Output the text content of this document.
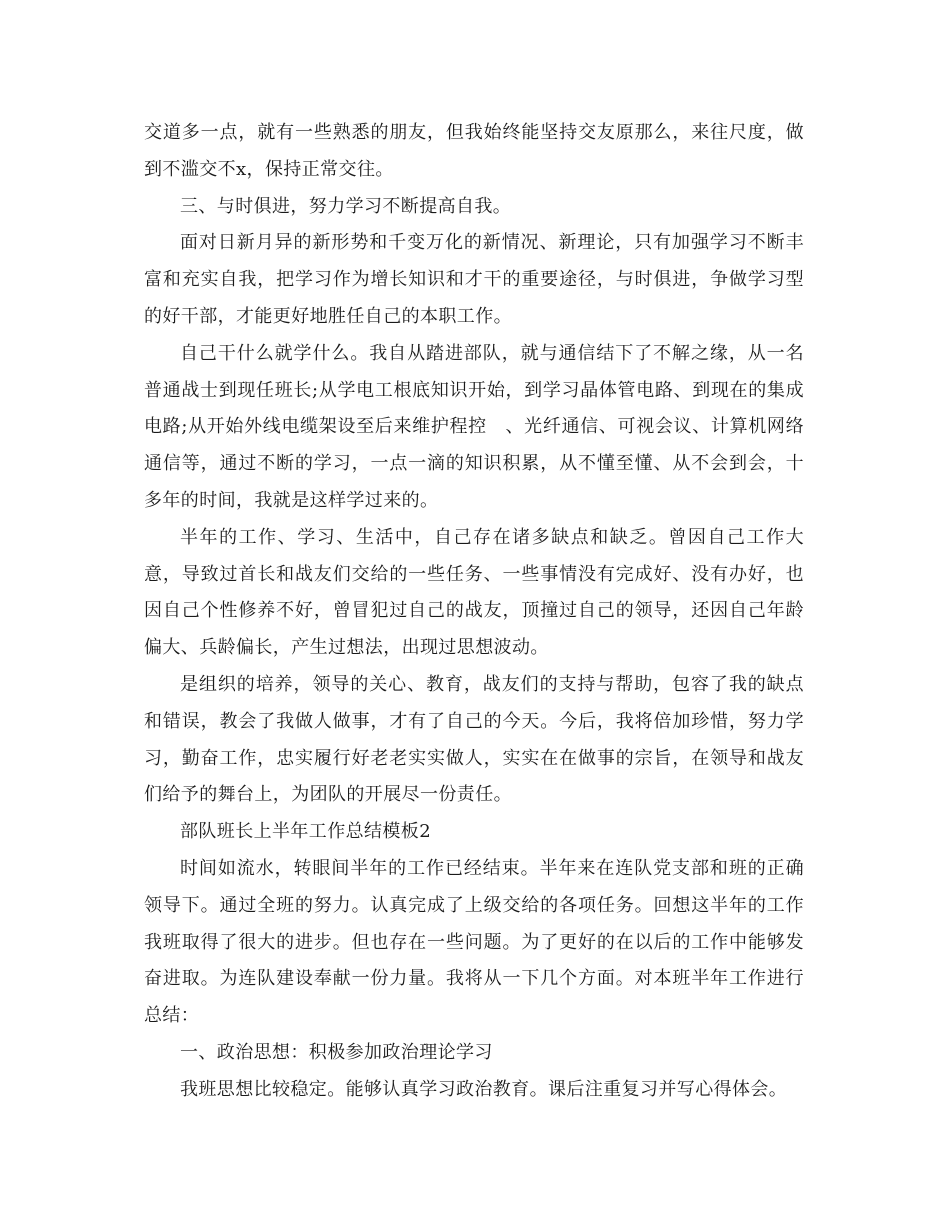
交道多一点，就有一些熟悉的朋友，但我始终能坚持交友原那么，来往尺度，做到不滥交不x，保持正常交往。

三、与时俱进，努力学习不断提高自我。

面对日新月异的新形势和千变万化的新情况、新理论，只有加强学习不断丰富和充实自我，把学习作为增长知识和才干的重要途径，与时俱进，争做学习型的好干部，才能更好地胜任自己的本职工作。

自己干什么就学什么。我自从踏进部队，就与通信结下了不解之缘，从一名普通战士到现任班长;从学电工根底知识开始，到学习晶体管电路、到现在的集成电路;从开始外线电缆架设至后来维护程控　、光纤通信、可视会议、计算机网络通信等，通过不断的学习，一点一滴的知识积累，从不懂至懂、从不会到会，十多年的时间，我就是这样学过来的。

半年的工作、学习、生活中，自己存在诸多缺点和缺乏。曾因自己工作大意，导致过首长和战友们交给的一些任务、一些事情没有完成好、没有办好，也因自己个性修养不好，曾冒犯过自己的战友，顶撞过自己的领导，还因自己年龄偏大、兵龄偏长，产生过想法，出现过思想波动。

是组织的培养，领导的关心、教育，战友们的支持与帮助，包容了我的缺点和错误，教会了我做人做事，才有了自己的今天。今后，我将倍加珍惜，努力学习，勤奋工作，忠实履行好老老实实做人，实实在在做事的宗旨，在领导和战友们给予的舞台上，为团队的开展尽一份责任。

部队班长上半年工作总结模板2

时间如流水，转眼间半年的工作已经结束。半年来在连队党支部和班的正确领导下。通过全班的努力。认真完成了上级交给的各项任务。回想这半年的工作我班取得了很大的进步。但也存在一些问题。为了更好的在以后的工作中能够发奋进取。为连队建设奉献一份力量。我将从一下几个方面。对本班半年工作进行总结：

一、政治思想：积极参加政治理论学习

我班思想比较稳定。能够认真学习政治教育。课后注重复习并写心得体会。
